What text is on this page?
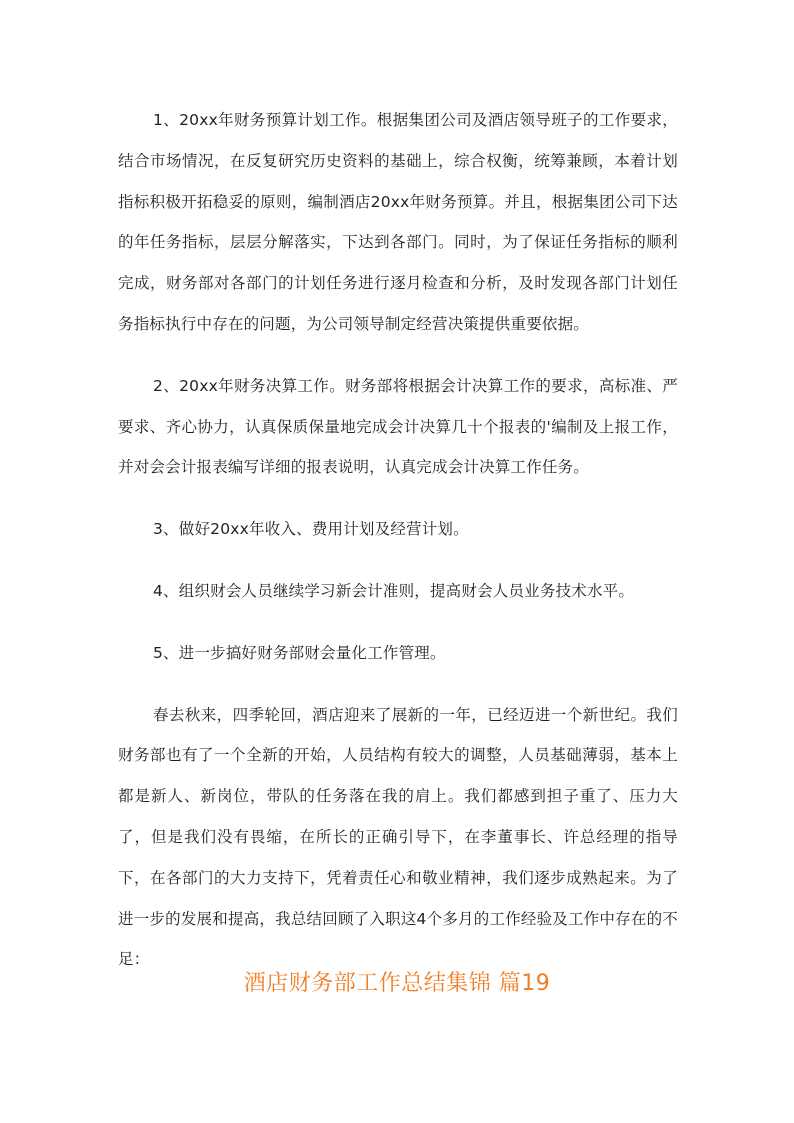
1、20xx年财务预算计划工作。根据集团公司及酒店领导班子的工作要求，结合市场情况，在反复研究历史资料的基础上，综合权衡，统筹兼顾，本着计划指标积极开拓稳妥的原则，编制酒店20xx年财务预算。并且，根据集团公司下达的年任务指标，层层分解落实，下达到各部门。同时，为了保证任务指标的顺利完成，财务部对各部门的计划任务进行逐月检查和分析，及时发现各部门计划任务指标执行中存在的问题，为公司领导制定经营决策提供重要依据。

2、20xx年财务决算工作。财务部将根据会计决算工作的要求，高标准、严要求、齐心协力，认真保质保量地完成会计决算几十个报表的'编制及上报工作，并对会会计报表编写详细的报表说明，认真完成会计决算工作任务。

3、做好20xx年收入、费用计划及经营计划。

4、组织财会人员继续学习新会计准则，提高财会人员业务技术水平。

5、进一步搞好财务部财会量化工作管理。

春去秋来，四季轮回，酒店迎来了展新的一年，已经迈进一个新世纪。我们财务部也有了一个全新的开始，人员结构有较大的调整，人员基础薄弱，基本上都是新人、新岗位，带队的任务落在我的肩上。我们都感到担子重了、压力大了，但是我们没有畏缩，在所长的正确引导下，在李董事长、许总经理的指导下，在各部门的大力支持下，凭着责任心和敬业精神，我们逐步成熟起来。为了进一步的发展和提高，我总结回顾了入职这4个多月的工作经验及工作中存在的不足：

酒店财务部工作总结集锦 篇19
